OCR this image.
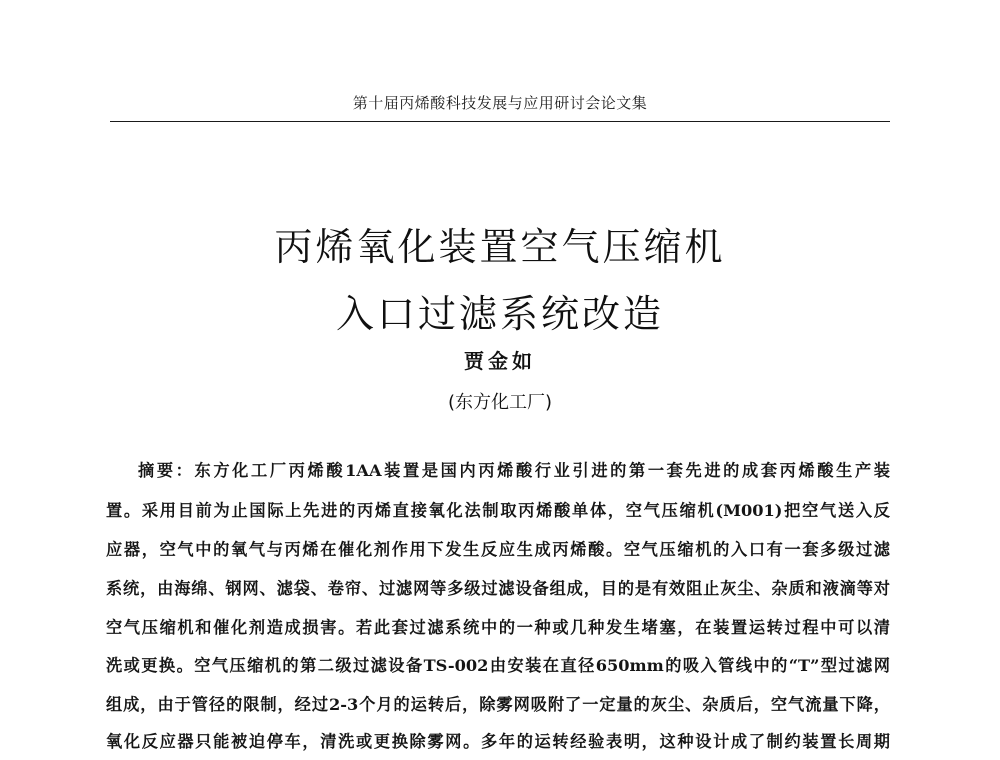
第十届丙烯酸科技发展与应用研讨会论文集
丙烯氧化装置空气压缩机
入口过滤系统改造
贾金如
(东方化工厂)
摘要：东方化工厂丙烯酸1AA装置是国内丙烯酸行业引进的第一套先进的成套丙烯酸生产装
置。采用目前为止国际上先进的丙烯直接氧化法制取丙烯酸单体，空气压缩机(M001)把空气送入反
应器，空气中的氧气与丙烯在催化剂作用下发生反应生成丙烯酸。空气压缩机的入口有一套多级过滤
系统，由海绵、钢网、滤袋、卷帘、过滤网等多级过滤设备组成，目的是有效阻止灰尘、杂质和液滴等对
空气压缩机和催化剂造成损害。若此套过滤系统中的一种或几种发生堵塞，在装置运转过程中可以清
洗或更换。空气压缩机的第二级过滤设备TS-002由安装在直径650mm的吸入管线中的“T”型过滤网
组成，由于管径的限制，经过2-3个月的运转后，除雾网吸附了一定量的灰尘、杂质后，空气流量下降，
氧化反应器只能被迫停车，清洗或更换除雾网。多年的运转经验表明，这种设计成了制约装置长周期
